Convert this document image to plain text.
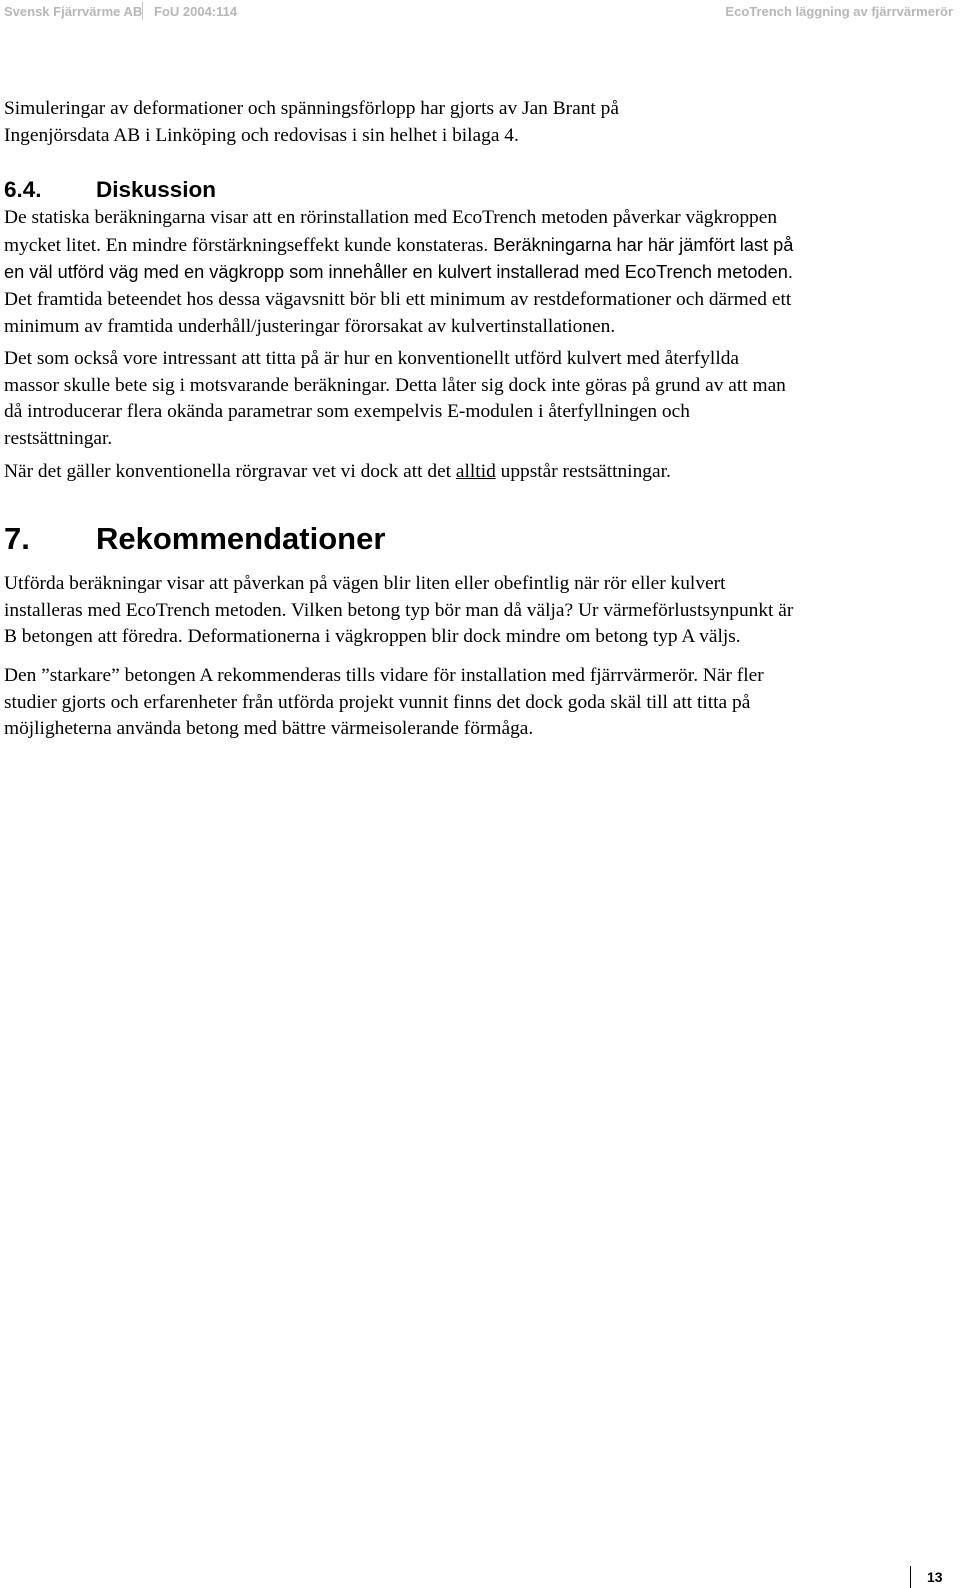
Svensk Fjärrvärme AB FoU 2004:114	EcoTrench läggning av fjärrvärmerör

Simuleringar av deformationer och spänningsförlopp har gjorts av Jan Brant på
Ingenjörsdata AB i Linköping och redovisas i sin helhet i bilaga 4.

6.4. Diskussion

De statiska beräkningarna visar att en rörinstallation med EcoTrench metoden påverkar vägkroppen mycket litet. En mindre förstärkningseffekt kunde konstateras. Beräkningarna har här jämfört last på en väl utförd väg med en vägkropp som innehåller en kulvert installerad med EcoTrench metoden. Det framtida beteendet hos dessa vägavsnitt bör bli ett minimum av restdeformationer och därmed ett minimum av framtida underhåll/justeringar förorsakat av kulvertinstallationen.

Det som också vore intressant att titta på är hur en konventionellt utförd kulvert med återfyllda massor skulle bete sig i motsvarande beräkningar. Detta låter sig dock inte göras på grund av att man då introducerar flera okända parametrar som exempelvis E-modulen i återfyllningen och restsättningar.

När det gäller konventionella rörgravar vet vi dock att det alltid uppstår restsättningar.

7. Rekommendationer

Utförda beräkningar visar att påverkan på vägen blir liten eller obefintlig när rör eller kulvert installeras med EcoTrench metoden. Vilken betong typ bör man då välja? Ur värmeförlustsynpunkt är B betongen att föredra. Deformationerna i vägkroppen blir dock mindre om betong typ A väljs.

Den ”starkare” betongen A rekommenderas tills vidare för installation med fjärrvärmerör. När fler studier gjorts och erfarenheter från utförda projekt vunnit finns det dock goda skäl till att titta på möjligheterna använda betong med bättre värmeisolerande förmåga.

13
